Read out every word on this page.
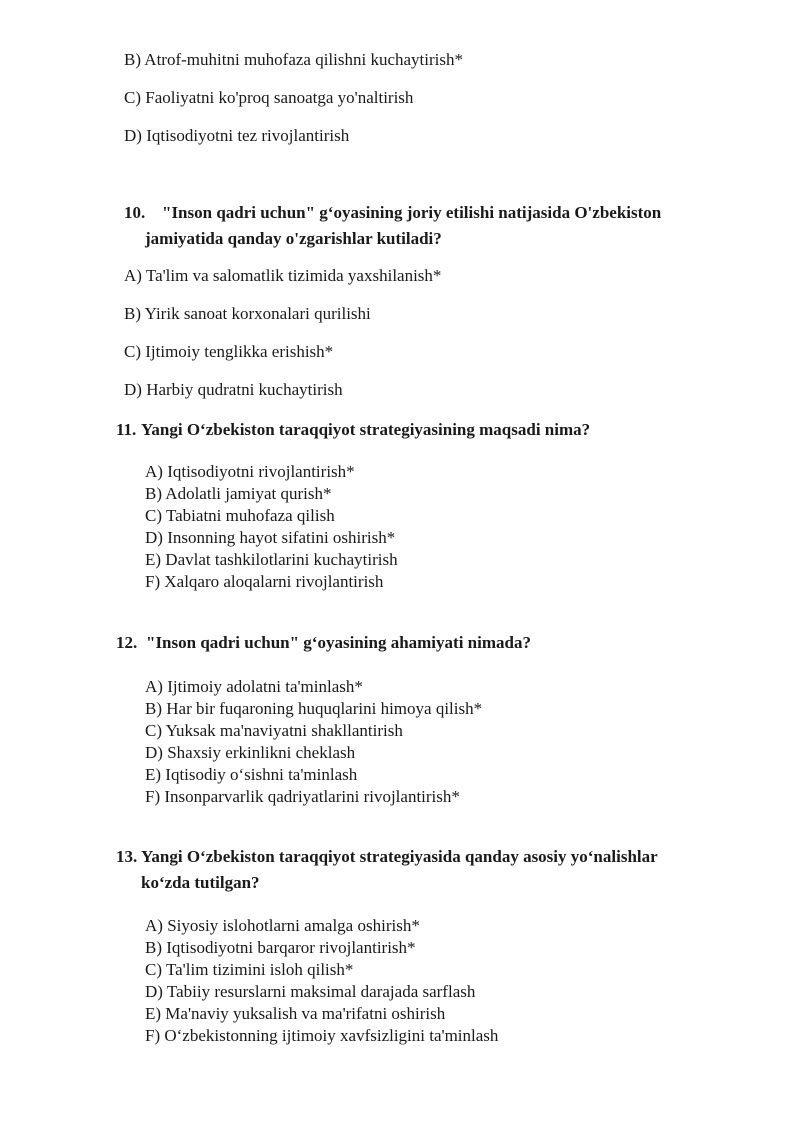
B) Atrof-muhitni muhofaza qilishni kuchaytirish*
C) Faoliyatni ko'proq sanoatga yo'naltirish
D) Iqtisodiyotni tez rivojlantirish
10. "Inson qadri uchun" g‘oyasining joriy etilishi natijasida O'zbekiston
jamiyatida qanday o'zgarishlar kutiladi?
A) Ta'lim va salomatlik tizimida yaxshilanish*
B) Yirik sanoat korxonalari qurilishi
C) Ijtimoiy tenglikka erishish*
D) Harbiy qudratni kuchaytirish
11. Yangi O‘zbekiston taraqqiyot strategiyasining maqsadi nima?
A) Iqtisodiyotni rivojlantirish*
B) Adolatli jamiyat qurish*
C) Tabiatni muhofaza qilish
D) Insonning hayot sifatini oshirish*
E) Davlat tashkilotlarini kuchaytirish
F) Xalqaro aloqalarni rivojlantirish
12. "Inson qadri uchun" g‘oyasining ahamiyati nimada?
A) Ijtimoiy adolatni ta'minlash*
B) Har bir fuqaroning huquqlarini himoya qilish*
C) Yuksak ma'naviyatni shakllantirish
D) Shaxsiy erkinlikni cheklash
E) Iqtisodiy o‘sishni ta'minlash
F) Insonparvarlik qadriyatlarini rivojlantirish*
13. Yangi O‘zbekiston taraqqiyot strategiyasida qanday asosiy yo‘nalishlar
ko‘zda tutilgan?
A) Siyosiy islohotlarni amalga oshirish*
B) Iqtisodiyotni barqaror rivojlantirish*
C) Ta'lim tizimini isloh qilish*
D) Tabiiy resurslarni maksimal darajada sarflash
E) Ma'naviy yuksalish va ma'rifatni oshirish
F) O‘zbekistonning ijtimoiy xavfsizligini ta'minlash
